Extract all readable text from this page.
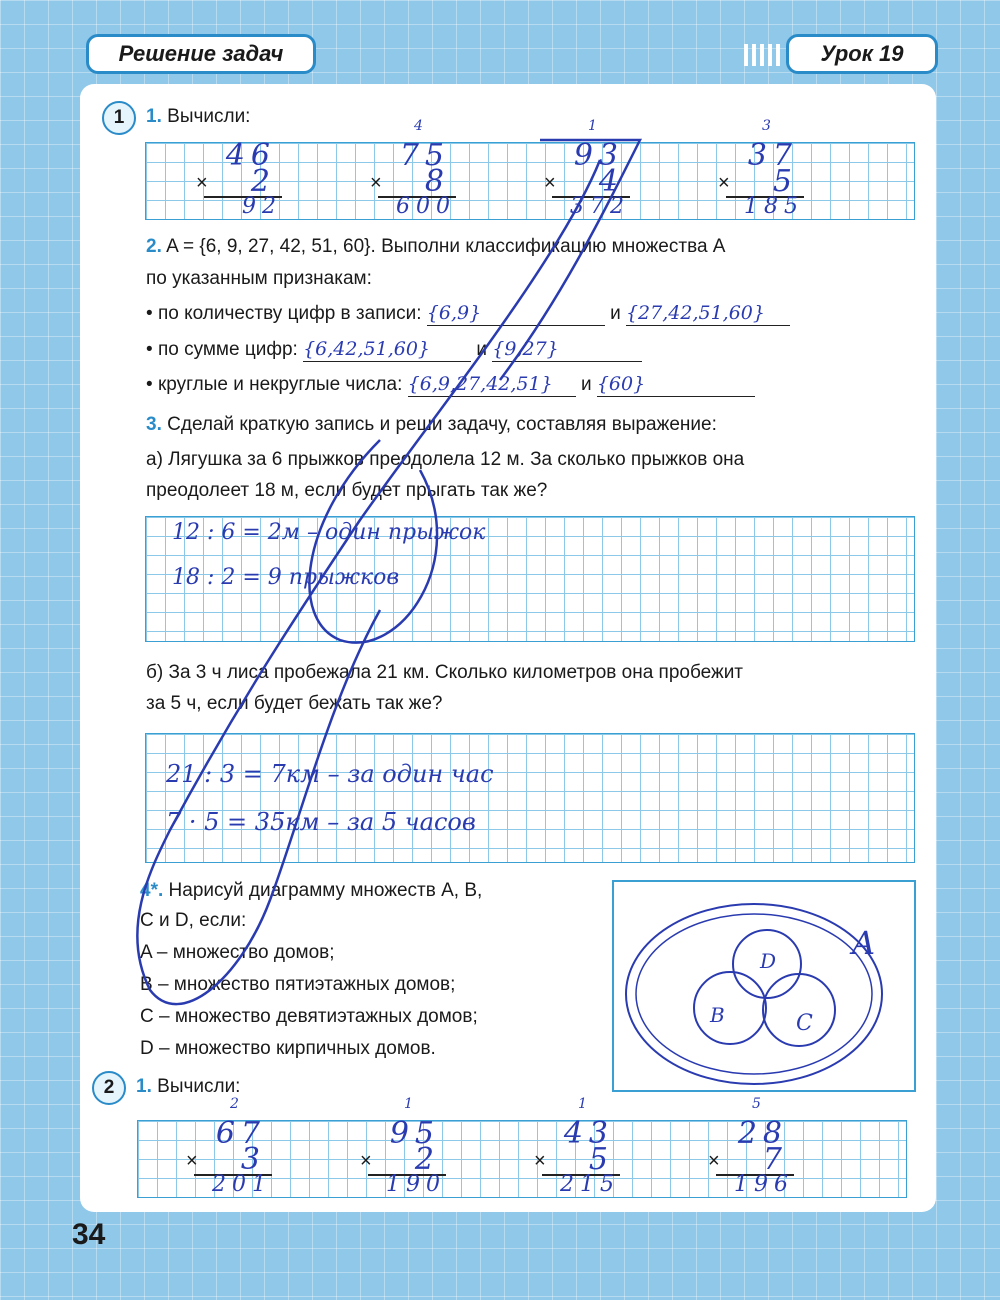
Решение задач	Урок 19
1	1. Вычисли:
×
46
2
92
4
×
75
8
600
1
×
93
4
372
3
×
37
5
185
2. A = {6, 9, 27, 42, 51, 60}. Выполни классификацию множества A
по указанным признакам:
• по количеству цифр в записи: {6,9}	и {27,42,51,60}
• по сумме цифр: {6,42,51,60} и {9,27}
• круглые и некруглые числа: {6,9,27,42,51} и {60}
3. Сделай краткую запись и реши задачу, составляя выражение:
а) Лягушка за 6 прыжков преодолела 12 м. За сколько прыжков она
преодолеет 18 м, если будет прыгать так же?
12 : 6 = 2м – один прыжок
18 : 2 = 9 прыжков
б) За 3 ч лиса пробежала 21 км. Сколько километров она пробежит
за 5 ч, если будет бежать так же?
21 : 3 = 7км – за один час
7 · 5 = 35км – за 5 часов
4*. Нарисуй диаграмму множеств A, B,
C и D, если:
A – множество домов;
B – множество пятиэтажных домов;
C – множество девятиэтажных домов;
D – множество кирпичных домов.
A
D
B	C
2	1. Вычисли:
2
×
67
3
201
1
×
95
2
190
1
×
43
5
215
5
×
28
7
196
34
